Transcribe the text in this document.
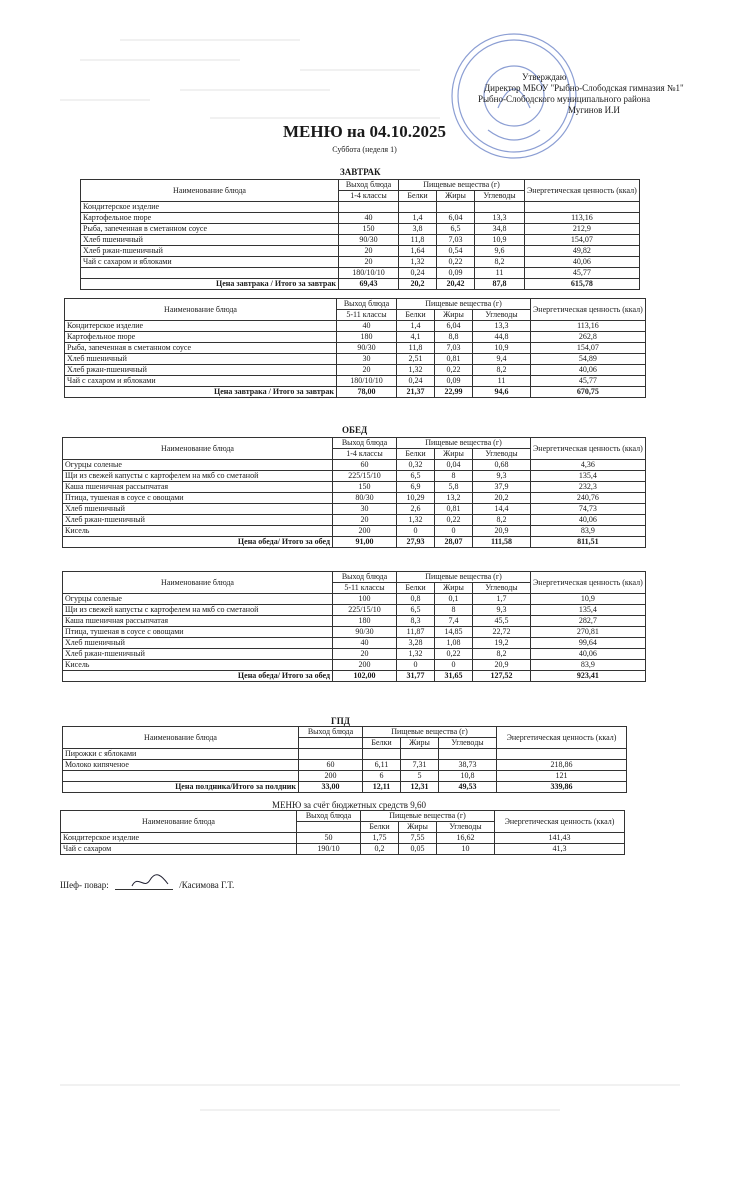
Утверждаю
Директор МБОУ "Рыбно-Слободская гимназия №1"
Рыбно-Слободского муниципального района
Мугинов И.И
МЕНЮ на 04.10.2025
Суббота (неделя 1)
ЗАВТРАК
Наименование блюда	Выход блюда	Пищевые вещества (г)			Энергетическая ценность (ккал)
	1-4 классы	Белки	Жиры	Углеводы	
Кондитерское изделие					
Картофельное пюре	40	1,4	6,04	13,3	113,16
Рыба, запеченная в сметанном соусе	150	3,8	6,5	34,8	212,9
Хлеб пшеничный	90/30	11,8	7,03	10,9	154,07
Хлеб ржан-пшеничный	20	1,64	0,54	9,6	49,82
Чай с сахаром и яблоками	20	1,32	0,22	8,2	40,06
	180/10/10	0,24	0,09	11	45,77
Цена завтрака / Итого за завтрак	69,43	20,2	20,42	87,8	615,78
Наименование блюда	Выход блюда	Пищевые вещества (г)			Энергетическая ценность (ккал)
	5-11 классы	Белки	Жиры	Углеводы	
Кондитерское изделие	40	1,4	6,04	13,3	113,16
Картофельное пюре	180	4,1	8,8	44,8	262,8
Рыба, запеченная в сметанном соусе	90/30	11,8	7,03	10,9	154,07
Хлеб пшеничный	30	2,51	0,81	9,4	54,89
Хлеб ржан-пшеничный	20	1,32	0,22	8,2	40,06
Чай с сахаром и яблоками	180/10/10	0,24	0,09	11	45,77
Цена завтрака / Итого за завтрак	78,00	21,37	22,99	94,6	670,75
ОБЕД
Наименование блюда	Выход блюда	Пищевые вещества (г)			Энергетическая ценность (ккал)
	1-4 классы	Белки	Жиры	Углеводы	
Огурцы соленые	60	0,32	0,04	0,68	4,36
Щи из свежей капусты с картофелем на мкб со сметаной	225/15/10	6,5	8	9,3	135,4
Каша пшеничная рассыпчатая	150	6,9	5,8	37,9	232,3
Птица, тушеная в соусе с овощами	80/30	10,29	13,2	20,2	240,76
Хлеб пшеничный	30	2,6	0,81	14,4	74,73
Хлеб ржан-пшеничный	20	1,32	0,22	8,2	40,06
Кисель	200	0	0	20,9	83,9
Цена обеда/ Итого за обед	91,00	27,93	28,07	111,58	811,51
Наименование блюда	Выход блюда	Пищевые вещества (г)			Энергетическая ценность (ккал)
	5-11 классы	Белки	Жиры	Углеводы	
Огурцы соленые	100	0,8	0,1	1,7	10,9
Щи из свежей капусты с картофелем на мкб со сметаной	225/15/10	6,5	8	9,3	135,4
Каша пшеничная рассыпчатая	180	8,3	7,4	45,5	282,7
Птица, тушеная в соусе с овощами	90/30	11,87	14,85	22,72	270,81
Хлеб пшеничный	40	3,28	1,08	19,2	99,64
Хлеб ржан-пшеничный	20	1,32	0,22	8,2	40,06
Кисель	200	0	0	20,9	83,9
Цена обеда/ Итого за обед	102,00	31,77	31,65	127,52	923,41
ГПД
Наименование блюда	Выход блюда	Пищевые вещества (г)			Энергетическая ценность (ккал)
		Белки	Жиры	Углеводы	
Пирожки с яблоками					
Молоко кипяченое	60	6,11	7,31	38,73	218,86
	200	6	5	10,8	121
Цена полдника/Итого за полдник	33,00	12,11	12,31	49,53	339,86
МЕНЮ за счёт бюджетных средств 9,60
Наименование блюда	Выход блюда	Пищевые вещества (г)			Энергетическая ценность (ккал)
		Белки	Жиры	Углеводы	
Кондитерское изделие	50	1,75	7,55	16,62	141,43
Чай с сахаром	190/10	0,2	0,05	10	41,3
Шеф- повар:	/Касимова Г.Т.
